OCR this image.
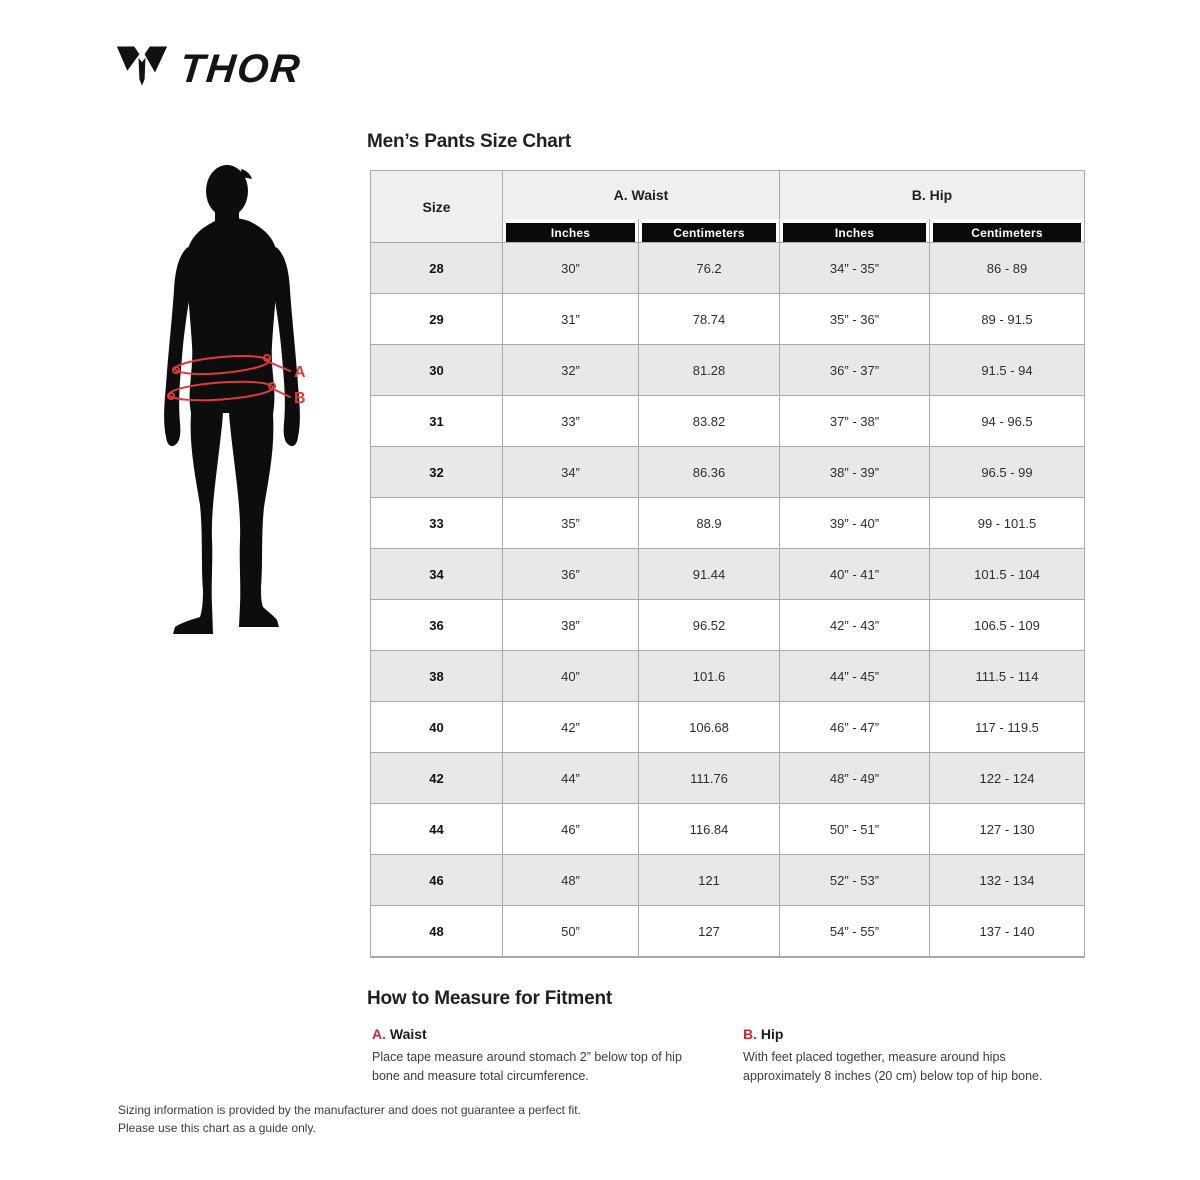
THOR
A
B
Men’s Pants Size Chart
Size
A. Waist	B. Hip
Inches	Centimeters	Inches	Centimeters
28	30”	76.2	34” - 35”	86 - 89
29	31”	78.74	35” - 36”	89 - 91.5
30	32”	81.28	36” - 37”	91.5 - 94
31	33”	83.82	37” - 38”	94 - 96.5
32	34”	86.36	38” - 39”	96.5 - 99
33	35”	88.9	39” - 40”	99 - 101.5
34	36”	91.44	40” - 41”	101.5 - 104
36	38”	96.52	42” - 43”	106.5 - 109
38	40”	101.6	44” - 45”	111.5 - 114
40	42”	106.68	46” - 47”	117 - 119.5
42	44”	111.76	48” - 49”	122 - 124
44	46”	116.84	50” - 51”	127 - 130
46	48”	121	52” - 53”	132 - 134
48	50”	127	54” - 55”	137 - 140
How to Measure for Fitment
A. Waist
Place tape measure around stomach 2” below top of hip bone and measure total circumference.
B. Hip
With feet placed together, measure around hips approximately 8 inches (20 cm) below top of hip bone.
Sizing information is provided by the manufacturer and does not guarantee a perfect fit.
Please use this chart as a guide only.
